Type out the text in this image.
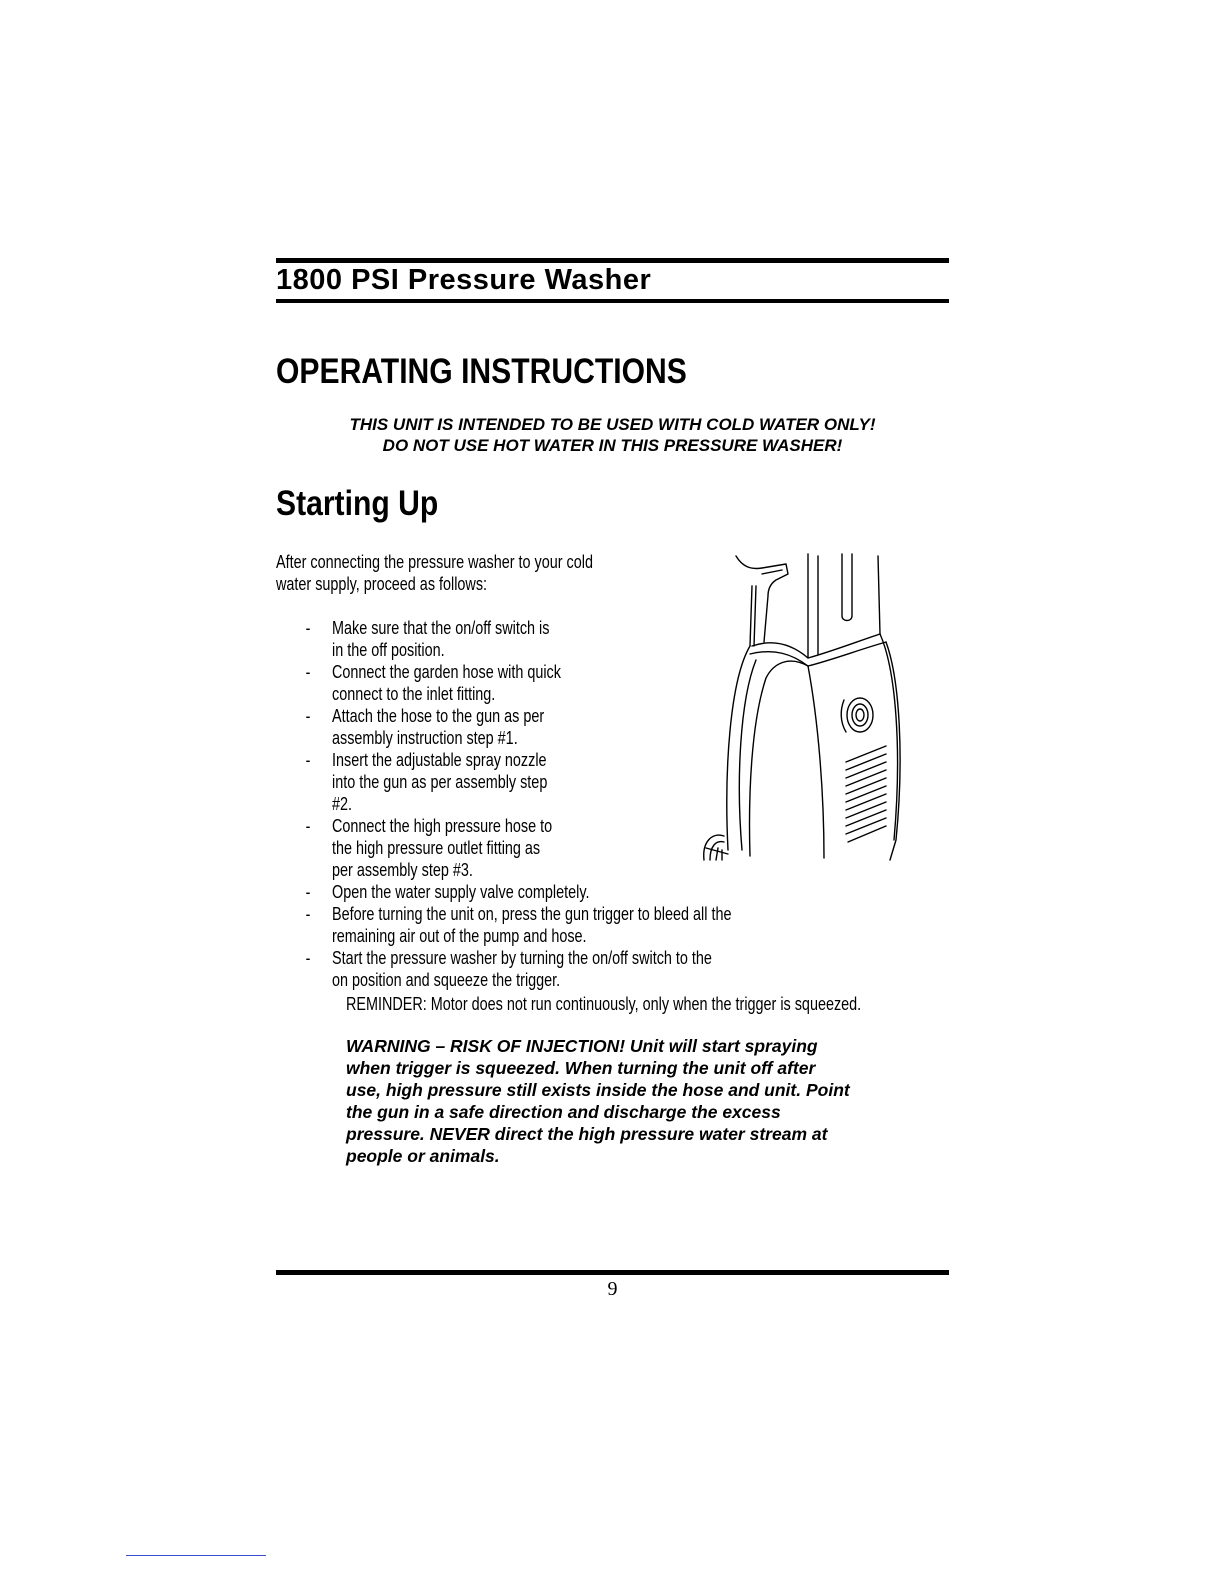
1800 PSI Pressure Washer
OPERATING INSTRUCTIONS
THIS UNIT IS INTENDED TO BE USED WITH COLD WATER ONLY!
DO NOT USE HOT WATER IN THIS PRESSURE WASHER!
Starting Up
After connecting the pressure washer to your cold
water supply, proceed as follows:
- Make sure that the on/off switch is
in the off position.
- Connect the garden hose with quick
connect to the inlet fitting.
- Attach the hose to the gun as per
assembly instruction step #1.
- Insert the adjustable spray nozzle
into the gun as per assembly step
#2.
- Connect the high pressure hose to
the high pressure outlet fitting as
per assembly step #3.
- Open the water supply valve completely.
- Before turning the unit on, press the gun trigger to bleed all the
remaining air out of the pump and hose.
- Start the pressure washer by turning the on/off switch to the
on position and squeeze the trigger.
REMINDER: Motor does not run continuously, only when the trigger is squeezed.
WARNING – RISK OF INJECTION! Unit will start spraying
when trigger is squeezed. When turning the unit off after
use, high pressure still exists inside the hose and unit. Point
the gun in a safe direction and discharge the excess
pressure. NEVER direct the high pressure water stream at
people or animals.
9
